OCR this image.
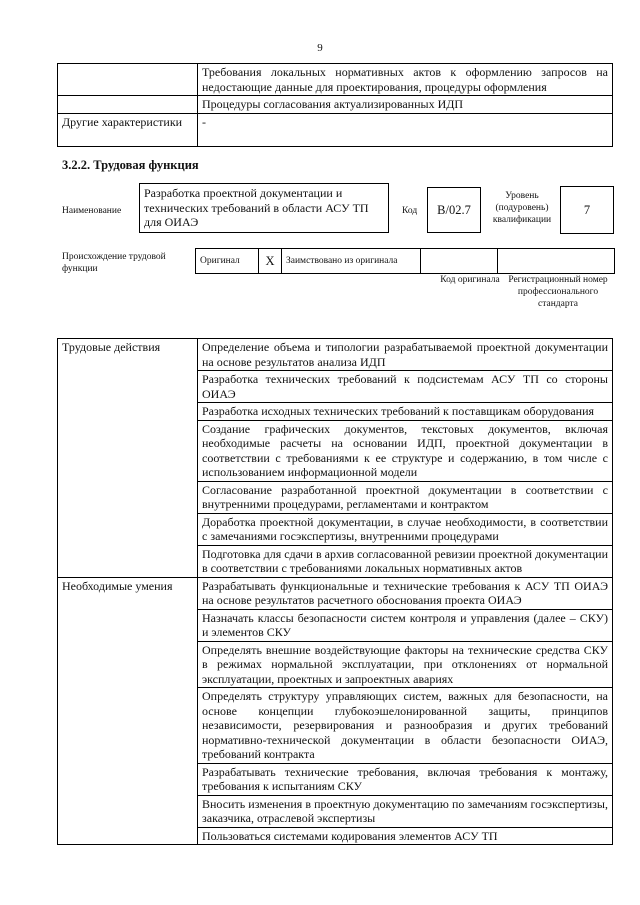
9
	Требования локальных нормативных актов к оформлению запросов на недостающие данные для проектирования, процедуры оформления
	Процедуры согласования актуализированных ИДП
Другие характеристики	-
3.2.2. Трудовая функция
Наименование
Разработка проектной документации и технических требований в области АСУ ТП для ОИАЭ
Код	В/02.7
Уровень (подуровень) квалификации
7
Происхождение трудовой функции
Оригинал	X	Заимствовано из оригинала		
Код оригинала Регистрационный номер профессионального стандарта
Трудовые действия	Определение объема и типологии разрабатываемой проектной документации на основе результатов анализа ИДП
	Разработка технических требований к подсистемам АСУ ТП со стороны ОИАЭ
	Разработка исходных технических требований к поставщикам оборудования
	Создание графических документов, текстовых документов, включая необходимые расчеты на основании ИДП, проектной документации в соответствии с требованиями к ее структуре и содержанию, в том числе с использованием информационной модели
	Согласование разработанной проектной документации в соответствии с внутренними процедурами, регламентами и контрактом
	Доработка проектной документации, в случае необходимости, в соответствии с замечаниями госэкспертизы, внутренними процедурами
	Подготовка для сдачи в архив согласованной ревизии проектной документации в соответствии с требованиями локальных нормативных актов
Необходимые умения	Разрабатывать функциональные и технические требования к АСУ ТП ОИАЭ на основе результатов расчетного обоснования проекта ОИАЭ
	Назначать классы безопасности систем контроля и управления (далее – СКУ) и элементов СКУ
	Определять внешние воздействующие факторы на технические средства СКУ в режимах нормальной эксплуатации, при отклонениях от нормальной эксплуатации, проектных и запроектных авариях
	Определять структуру управляющих систем, важных для безопасности, на основе концепции глубокоэшелонированной защиты, принципов независимости, резервирования и разнообразия и других требований нормативно-технической документации в области безопасности ОИАЭ, требований контракта
	Разрабатывать технические требования, включая требования к монтажу, требования к испытаниям СКУ
	Вносить изменения в проектную документацию по замечаниям госэкспертизы, заказчика, отраслевой экспертизы
	Пользоваться системами кодирования элементов АСУ ТП
